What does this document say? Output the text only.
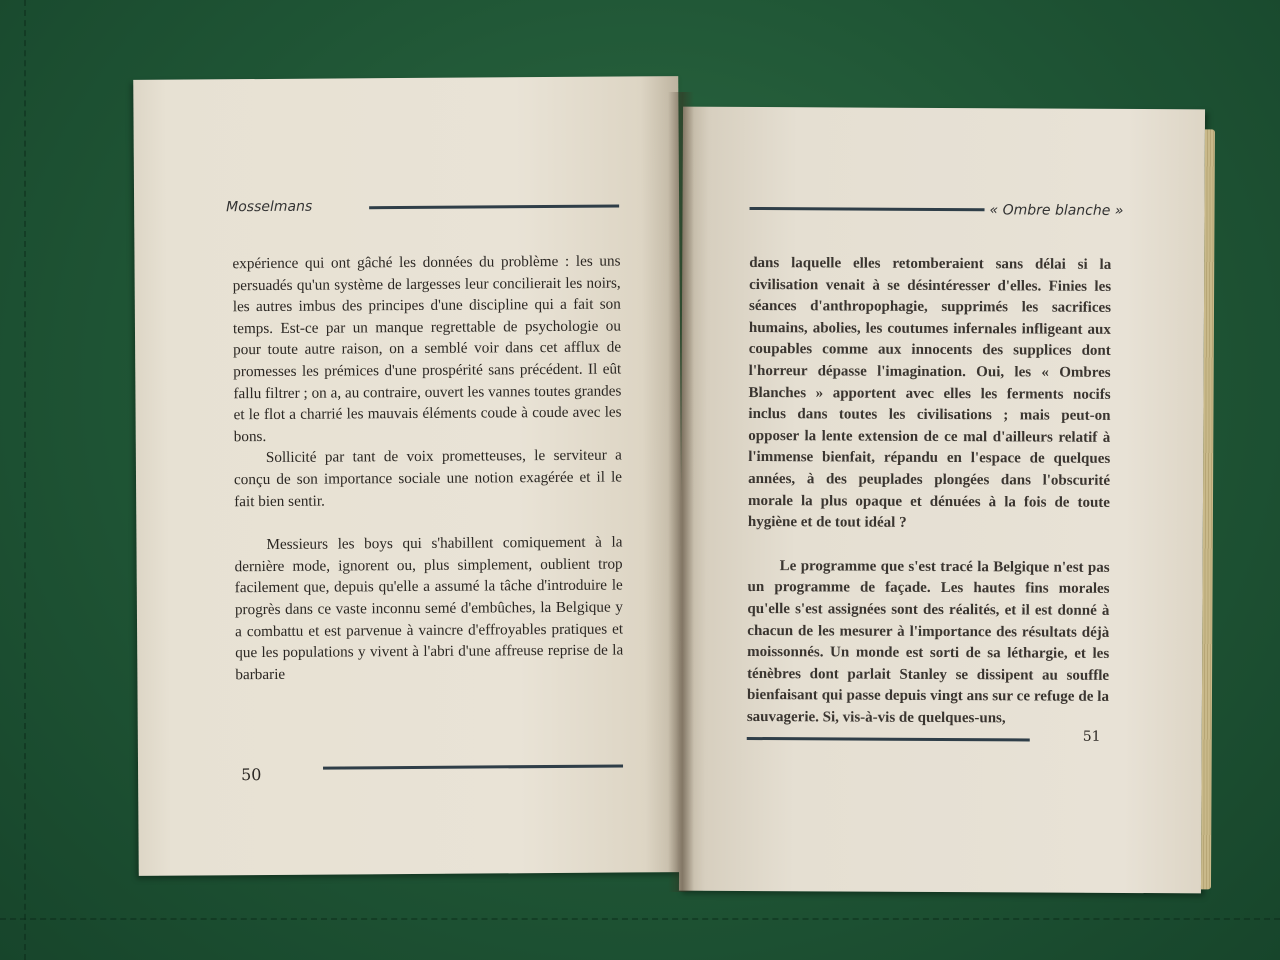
Mosselmans

expérience qui ont gâché les données du problème : les uns persuadés qu'un système de largesses leur concilierait les noirs, les autres imbus des principes d'une discipline qui a fait son temps. Est-ce par un manque regrettable de psychologie ou pour toute autre raison, on a semblé voir dans cet afflux de promesses les prémices d'une prospérité sans précédent. Il eût fallu filtrer ; on a, au contraire, ouvert les vannes toutes grandes et le flot a charrié les mauvais éléments coude à coude avec les bons.

Sollicité par tant de voix prometteuses, le serviteur a conçu de son importance sociale une notion exagérée et il le fait bien sentir.

Messieurs les boys qui s'habillent comiquement à la dernière mode, ignorent ou, plus simplement, oublient trop facilement que, depuis qu'elle a assumé la tâche d'introduire le progrès dans ce vaste inconnu semé d'embûches, la Belgique y a combattu et est parvenue à vaincre d'effroyables pratiques et que les populations y vivent à l'abri d'une affreuse reprise de la barbarie

50
« Ombre blanche »

dans laquelle elles retomberaient sans délai si la civilisation venait à se désintéresser d'elles. Finies les séances d'anthropophagie, supprimés les sacrifices humains, abolies, les coutumes infernales infligeant aux coupables comme aux innocents des supplices dont l'horreur dépasse l'imagination. Oui, les « Ombres Blanches » apportent avec elles les ferments nocifs inclus dans toutes les civilisations ; mais peut-on opposer la lente extension de ce mal d'ailleurs relatif à l'immense bienfait, répandu en l'espace de quelques années, à des peuplades plongées dans l'obscurité morale la plus opaque et dénuées à la fois de toute hygiène et de tout idéal ?

Le programme que s'est tracé la Belgique n'est pas un programme de façade. Les hautes fins morales qu'elle s'est assignées sont des réalités, et il est donné à chacun de les mesurer à l'importance des résultats déjà moissonnés. Un monde est sorti de sa léthargie, et les ténèbres dont parlait Stanley se dissipent au souffle bienfaisant qui passe depuis vingt ans sur ce refuge de la sauvagerie. Si, vis-à-vis de quelques-uns,

51
